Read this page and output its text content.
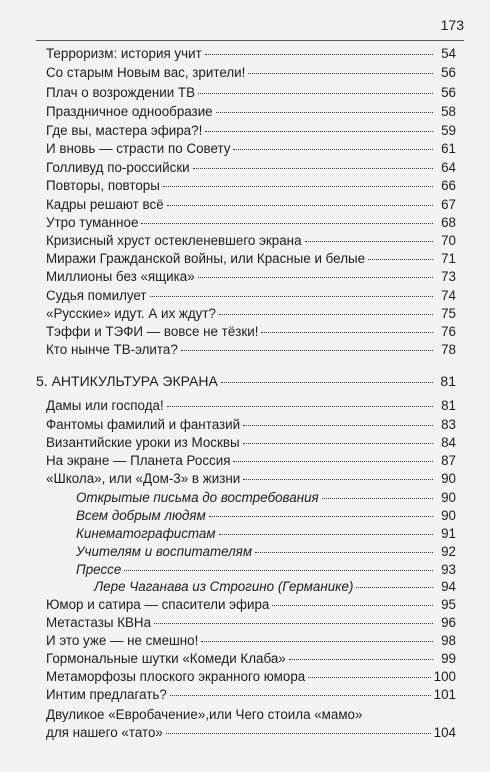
173
Терроризм: история учит	54
Со старым Новым вас, зрители!	56
Плач о возрождении ТВ	56
Праздничное однообразие	58
Где вы, мастера эфира?!	59
И вновь — страсти по Совету	61
Голливуд по-российски	64
Повторы, повторы	66
Кадры решают всё	67
Утро туманное	68
Кризисный хруст остекленевшего экрана	70
Миражи Гражданской войны, или Красные и белые	71
Миллионы без «ящика»	73
Судья помилует	74
«Русские» идут. А их ждут?	75
Тэффи и ТЭФИ — вовсе не тёзки!	76
Кто нынче ТВ-элита?	78
5. АНТИКУЛЬТУРА ЭКРАНА	81
Дамы или господа!	81
Фантомы фамилий и фантазий	83
Византийские уроки из Москвы	84
На экране — Планета Россия	87
«Школа», или «Дом-3» в жизни	90
Открытые письма до востребования	90
Всем добрым людям	90
Кинематографистам	91
Учителям и воспитателям	92
Прессе	93
Лере Чаганава из Строгино (Германике)	94
Юмор и сатира — спасители эфира	95
Метастазы КВНа	96
И это уже — не смешно!	98
Гормональные шутки «Комеди Клаба»	99
Метаморфозы плоского экранного юмора	100
Интим предлагать?	101
Двуликое «Евробачение»,или Чего стоила «мамо»
для нашего «тато»	104
